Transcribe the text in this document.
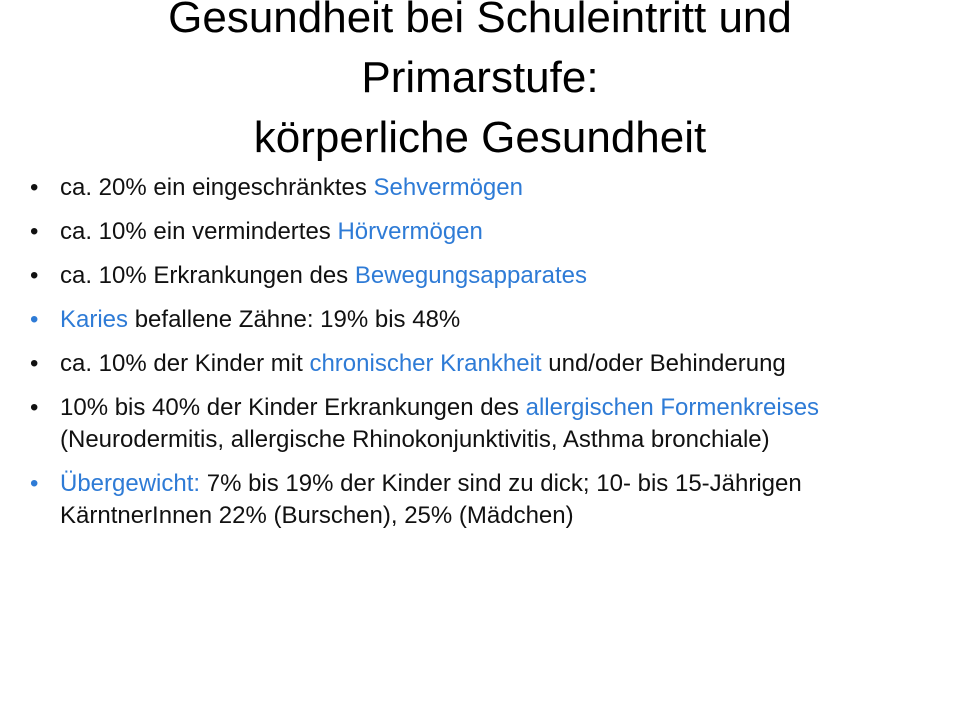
Gesundheit bei Schuleintritt und
Primarstufe:
körperliche Gesundheit
• ca. 20% ein eingeschränktes Sehvermögen
• ca. 10% ein vermindertes Hörvermögen
• ca. 10% Erkrankungen des Bewegungsapparates
• Karies befallene Zähne: 19% bis 48%
• ca. 10% der Kinder mit chronischer Krankheit und/oder Behinderung
• 10% bis 40% der Kinder Erkrankungen des allergischen Formenkreises (Neurodermitis, allergische Rhinokonjunktivitis, Asthma bronchiale)
• Übergewicht: 7% bis 19% der Kinder sind zu dick; 10- bis 15-Jährigen KärntnerInnen 22% (Burschen), 25% (Mädchen)
